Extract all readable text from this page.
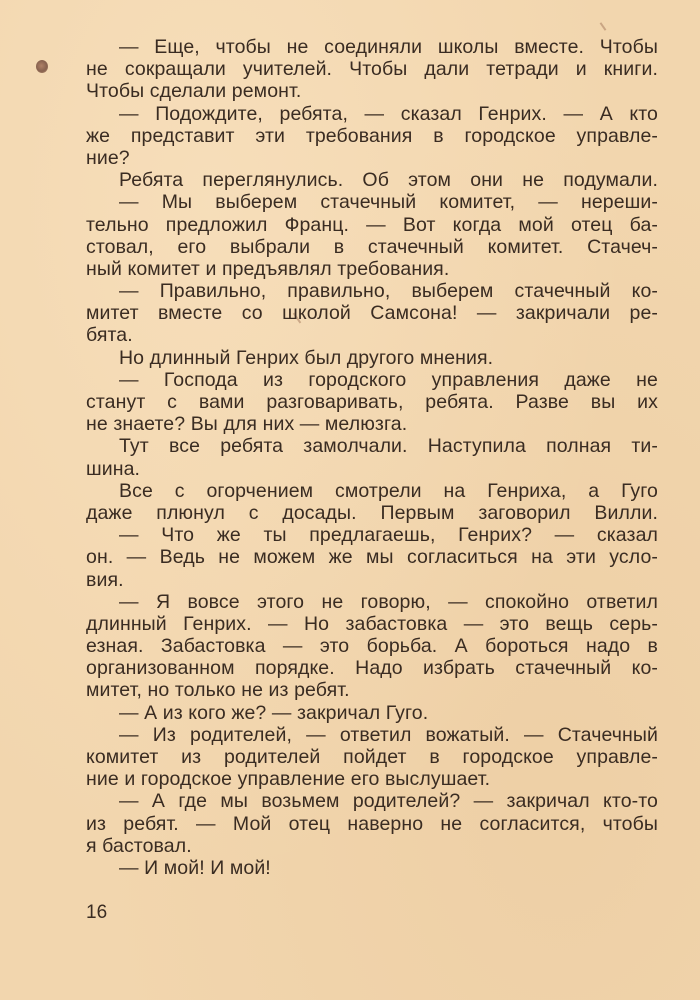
— Еще, чтобы не соединяли школы вместе. Чтобы
не сокращали учителей. Чтобы дали тетради и книги.
Чтобы сделали ремонт.
— Подождите, ребята, — сказал Генрих. — А кто
же представит эти требования в городское управле-
ние?
Ребята переглянулись. Об этом они не подумали.
— Мы выберем стачечный комитет, — нереши-
тельно предложил Франц. — Вот когда мой отец ба-
стовал, его выбрали в стачечный комитет. Стачеч-
ный комитет и предъявлял требования.
— Правильно, правильно, выберем стачечный ко-
митет вместе со школой Самсона! — закричали ре-
бята.
Но длинный Генрих был другого мнения.
— Господа из городского управления даже не
станут с вами разговаривать, ребята. Разве вы их
не знаете? Вы для них — мелюзга.
Тут все ребята замолчали. Наступила полная ти-
шина.
Все с огорчением смотрели на Генриха, а Гуго
даже плюнул с досады. Первым заговорил Вилли.
— Что же ты предлагаешь, Генрих? — сказал
он. — Ведь не можем же мы согласиться на эти усло-
вия.
— Я вовсе этого не говорю, — спокойно ответил
длинный Генрих. — Но забастовка — это вещь серь-
езная. Забастовка — это борьба. А бороться надо в
организованном порядке. Надо избрать стачечный ко-
митет, но только не из ребят.
— А из кого же? — закричал Гуго.
— Из родителей, — ответил вожатый. — Стачечный
комитет из родителей пойдет в городское управле-
ние и городское управление его выслушает.
— А где мы возьмем родителей? — закричал кто-то
из ребят. — Мой отец наверно не согласится, чтобы
я бастовал.
— И мой! И мой!
16
